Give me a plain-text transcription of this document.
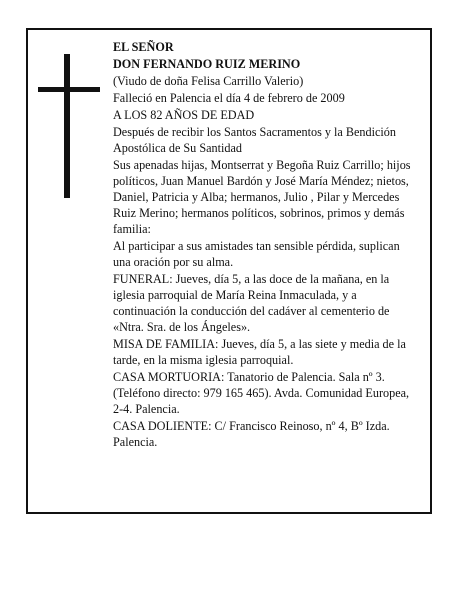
EL SEÑOR

DON FERNANDO RUIZ MERINO

(Viudo de doña Felisa Carrillo Valerio)

Falleció en Palencia el día 4 de febrero de 2009

A LOS 82 AÑOS DE EDAD

Después de recibir los Santos Sacramentos y la Bendición Apostólica de Su Santidad

Sus apenadas hijas, Montserrat y Begoña Ruiz Carrillo; hijos políticos, Juan Manuel Bardón y José María Méndez; nietos, Daniel, Patricia y Alba; hermanos, Julio , Pilar y Mercedes Ruiz Merino; hermanos políticos, sobrinos, primos y demás familia:

Al participar a sus amistades tan sensible pérdida, suplican una oración por su alma.

FUNERAL: Jueves, día 5, a las doce de la mañana, en la iglesia parroquial de María Reina Inmaculada, y a continuación la conducción del cadáver al cementerio de «Ntra. Sra. de los Ángeles».

MISA DE FAMILIA: Jueves, día 5, a las siete y media de la tarde, en la misma iglesia parroquial.

CASA MORTUORIA: Tanatorio de Palencia. Sala nº 3. (Teléfono directo: 979 165 465). Avda. Comunidad Europea, 2-4. Palencia.

CASA DOLIENTE: C/ Francisco Reinoso, nº 4, Bº Izda. Palencia.
